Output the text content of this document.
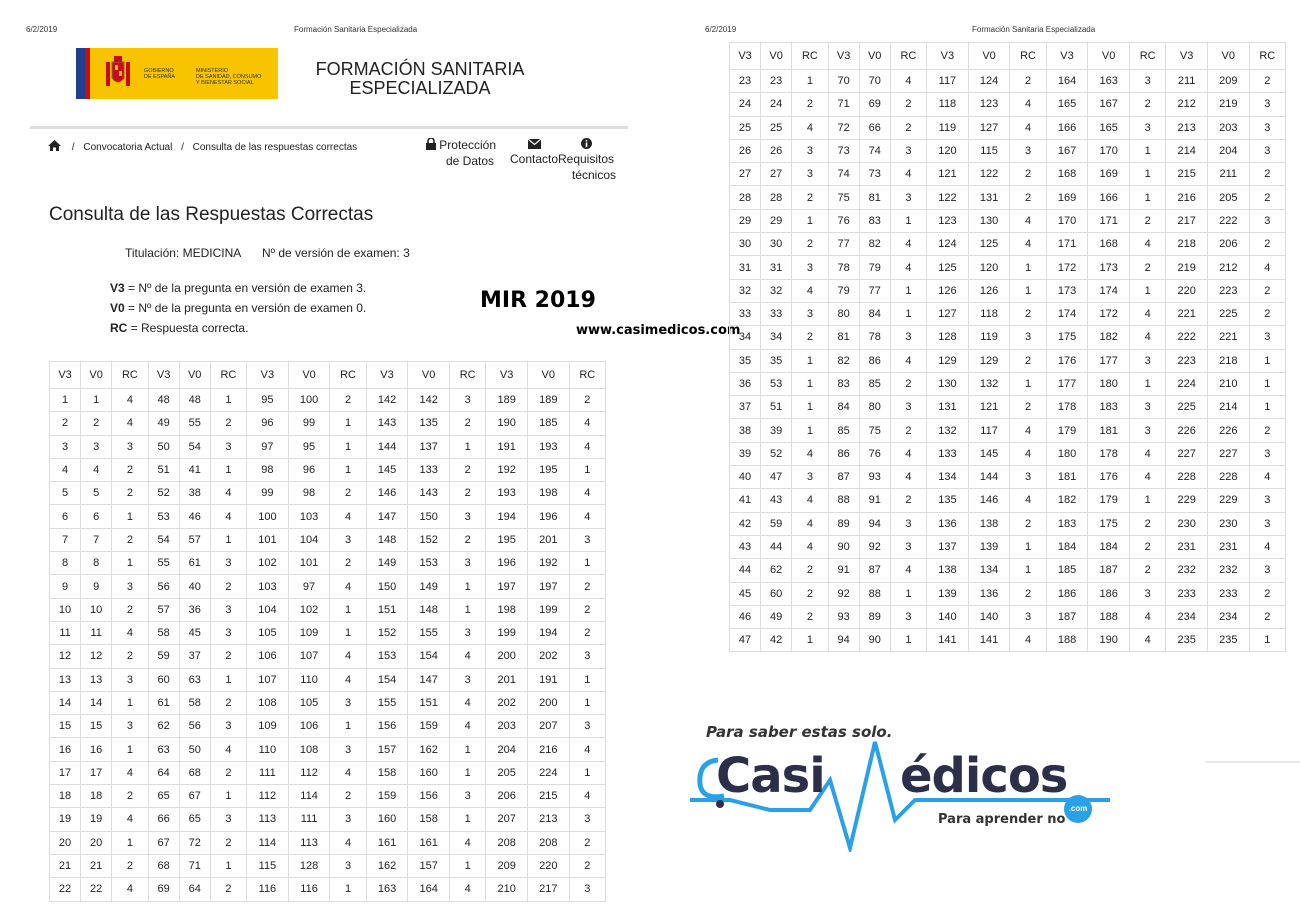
6/2/2019	Formación Sanitaria Especializada
GOBIERNO
DE ESPAÑA
MINISTERIO
DE SANIDAD, CONSUMO
Y BIENESTAR SOCIAL
FORMACIÓN SANITARIA
ESPECIALIZADA
/ Convocatoria Actual / Consulta de las respuestas correctas	Protección
de Datos	Contacto Requisitos
técnicos
Consulta de las Respuestas Correctas
Titulación: MEDICINA Nº de versión de examen: 3
V3 = Nº de la pregunta en versión de examen 3.
V0 = Nº de la pregunta en versión de examen 0.
RC = Respuesta correcta.
MIR 2019
www.casimedicos.com
V3	V0	RC	V3	V0	RC	V3	V0	RC	V3	V0	RC	V3	V0	RC
1	1	4	48	48	1	95	100	2	142	142	3	189	189	2
2	2	4	49	55	2	96	99	1	143	135	2	190	185	4
3	3	3	50	54	3	97	95	1	144	137	1	191	193	4
4	4	2	51	41	1	98	96	1	145	133	2	192	195	1
5	5	2	52	38	4	99	98	2	146	143	2	193	198	4
6	6	1	53	46	4	100	103	4	147	150	3	194	196	4
7	7	2	54	57	1	101	104	3	148	152	2	195	201	3
8	8	1	55	61	3	102	101	2	149	153	3	196	192	1
9	9	3	56	40	2	103	97	4	150	149	1	197	197	2
10	10	2	57	36	3	104	102	1	151	148	1	198	199	2
11	11	4	58	45	3	105	109	1	152	155	3	199	194	2
12	12	2	59	37	2	106	107	4	153	154	4	200	202	3
13	13	3	60	63	1	107	110	4	154	147	3	201	191	1
14	14	1	61	58	2	108	105	3	155	151	4	202	200	1
15	15	3	62	56	3	109	106	1	156	159	4	203	207	3
16	16	1	63	50	4	110	108	3	157	162	1	204	216	4
17	17	4	64	68	2	111	112	4	158	160	1	205	224	1
18	18	2	65	67	1	112	114	2	159	156	3	206	215	4
19	19	4	66	65	3	113	111	3	160	158	1	207	213	3
20	20	1	67	72	2	114	113	4	161	161	4	208	208	2
21	21	2	68	71	1	115	128	3	162	157	1	209	220	2
22	22	4	69	64	2	116	116	1	163	164	4	210	217	3
6/2/2019	Formación Sanitaria Especializada
V3	V0	RC	V3	V0	RC	V3	V0	RC	V3	V0	RC	V3	V0	RC
23	23	1	70	70	4	117	124	2	164	163	3	211	209	2
24	24	2	71	69	2	118	123	4	165	167	2	212	219	3
25	25	4	72	66	2	119	127	4	166	165	3	213	203	3
26	26	3	73	74	3	120	115	3	167	170	1	214	204	3
27	27	3	74	73	4	121	122	2	168	169	1	215	211	2
28	28	2	75	81	3	122	131	2	169	166	1	216	205	2
29	29	1	76	83	1	123	130	4	170	171	2	217	222	3
30	30	2	77	82	4	124	125	4	171	168	4	218	206	2
31	31	3	78	79	4	125	120	1	172	173	2	219	212	4
32	32	4	79	77	1	126	126	1	173	174	1	220	223	2
33	33	3	80	84	1	127	118	2	174	172	4	221	225	2
34	34	2	81	78	3	128	119	3	175	182	4	222	221	3
35	35	1	82	86	4	129	129	2	176	177	3	223	218	1
36	53	1	83	85	2	130	132	1	177	180	1	224	210	1
37	51	1	84	80	3	131	121	2	178	183	3	225	214	1
38	39	1	85	75	2	132	117	4	179	181	3	226	226	2
39	52	4	86	76	4	133	145	4	180	178	4	227	227	3
40	47	3	87	93	4	134	144	3	181	176	4	228	228	4
41	43	4	88	91	2	135	146	4	182	179	1	229	229	3
42	59	4	89	94	3	136	138	2	183	175	2	230	230	3
43	44	4	90	92	3	137	139	1	184	184	2	231	231	4
44	62	2	91	87	4	138	134	1	185	187	2	232	232	3
45	60	2	92	88	1	139	136	2	186	186	3	233	233	2
46	49	2	93	89	3	140	140	3	187	188	4	234	234	2
47	42	1	94	90	1	141	141	4	188	190	4	235	235	1
Para saber estas solo.
Casi édicos
.com
Para aprender no
